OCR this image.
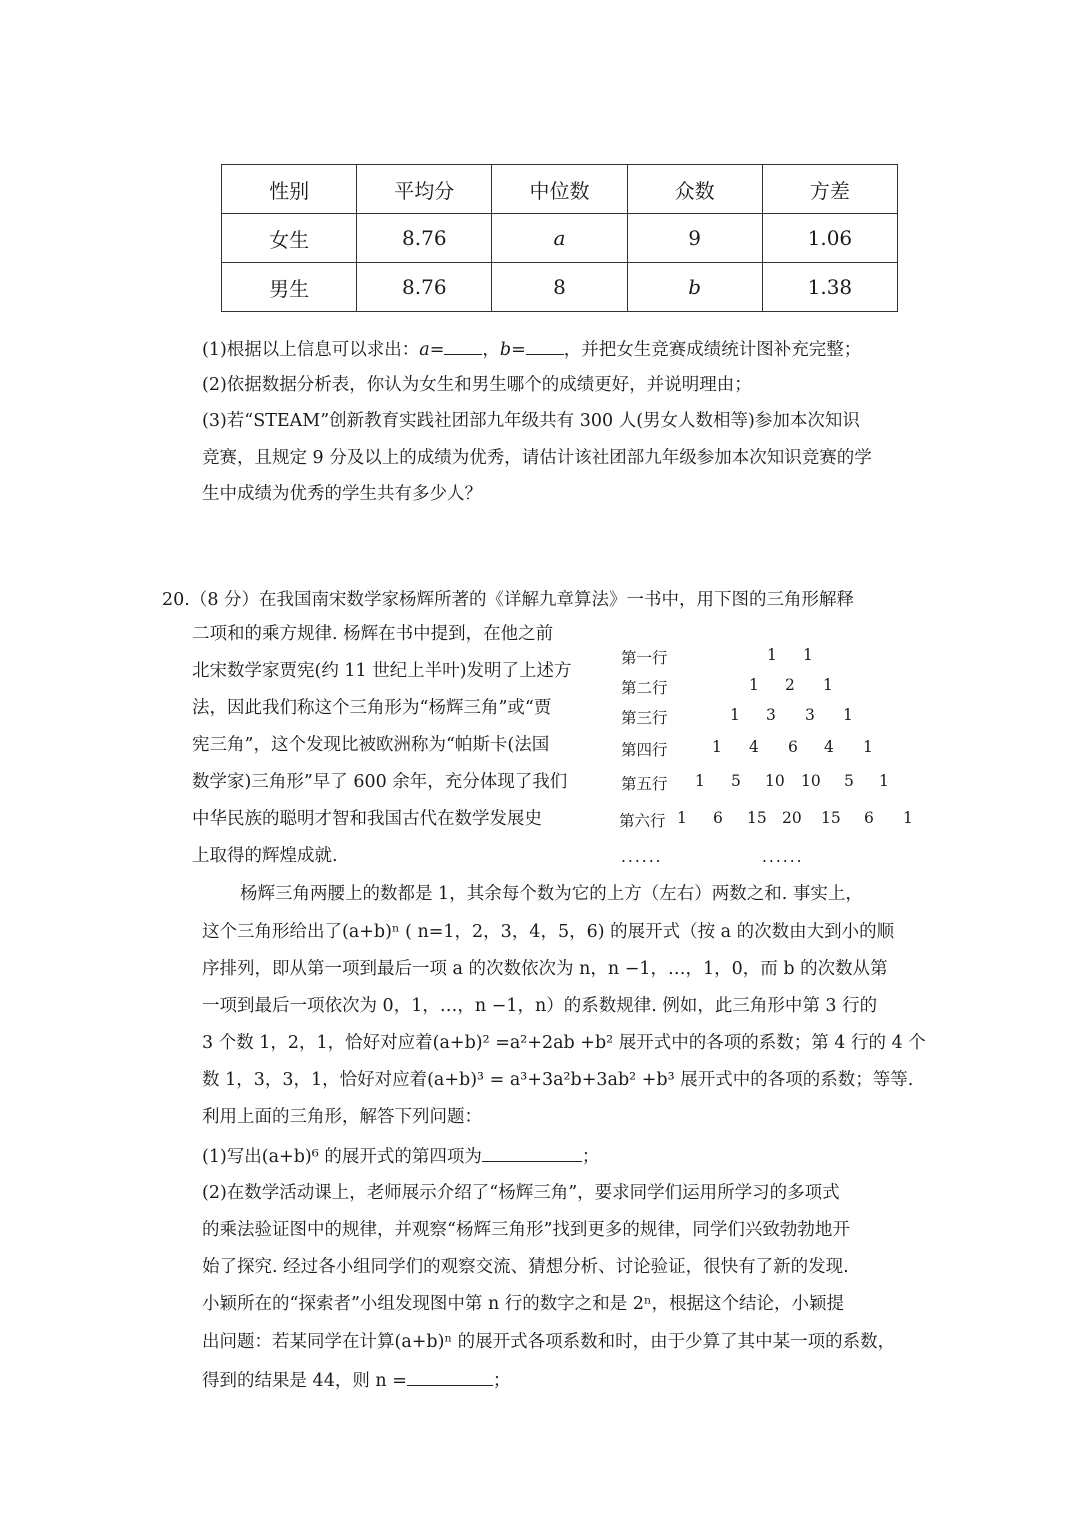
性别	平均分	中位数	众数	方差
女生	8.76	a	9	1.06
男生	8.76	8	b	1.38
(1)根据以上信息可以求出：a= ，b= ，并把女生竞赛成绩统计图补充完整；
(2)依据数据分析表，你认为女生和男生哪个的成绩更好，并说明理由；
(3)若“STEAM”创新教育实践社团部九年级共有 300 人(男女人数相等)参加本次知识
竞赛，且规定 9 分及以上的成绩为优秀，请估计该社团部九年级参加本次知识竞赛的学
生中成绩为优秀的学生共有多少人？
20.（8 分）在我国南宋数学家杨辉所著的《详解九章算法》一书中，用下图的三角形解释
二项和的乘方规律. 杨辉在书中提到，在他之前
北宋数学家贾宪(约 11 世纪上半叶)发明了上述方
法，因此我们称这个三角形为“杨辉三角”或“贾
宪三角”，这个发现比被欧洲称为“帕斯卡(法国
数学家)三角形”早了 600 余年，充分体现了我们
中华民族的聪明才智和我国古代在数学发展史
上取得的辉煌成就.
第一行
第二行
第三行
第四行
第五行
第六行
1 1
1 2 1
1 3 3 1
1 4 6 4 1
1 5 10 10 5 1
1 6 15 20 15 6 1
......	......
杨辉三角两腰上的数都是 1，其余每个数为它的上方（左右）两数之和. 事实上，
这个三角形给出了(a+b)ⁿ ( n=1，2，3，4，5，6) 的展开式（按 a 的次数由大到小的顺
序排列，即从第一项到最后一项 a 的次数依次为 n，n −1，…，1，0，而 b 的次数从第
一项到最后一项依次为 0，1，…，n −1，n）的系数规律. 例如，此三角形中第 3 行的
3 个数 1，2，1，恰好对应着(a+b)² =a²+2ab +b² 展开式中的各项的系数；第 4 行的 4 个
数 1，3，3，1，恰好对应着(a+b)³ = a³+3a²b+3ab² +b³ 展开式中的各项的系数；等等.
利用上面的三角形，解答下列问题：
(1)写出(a+b)⁶ 的展开式的第四项为	；
(2)在数学活动课上，老师展示介绍了“杨辉三角”，要求同学们运用所学习的多项式
的乘法验证图中的规律，并观察“杨辉三角形”找到更多的规律，同学们兴致勃勃地开
始了探究. 经过各小组同学们的观察交流、猜想分析、讨论验证，很快有了新的发现.
小颖所在的“探索者”小组发现图中第 n 行的数字之和是 2ⁿ，根据这个结论，小颖提
出问题：若某同学在计算(a+b)ⁿ 的展开式各项系数和时，由于少算了其中某一项的系数，
得到的结果是 44，则 n =	；
